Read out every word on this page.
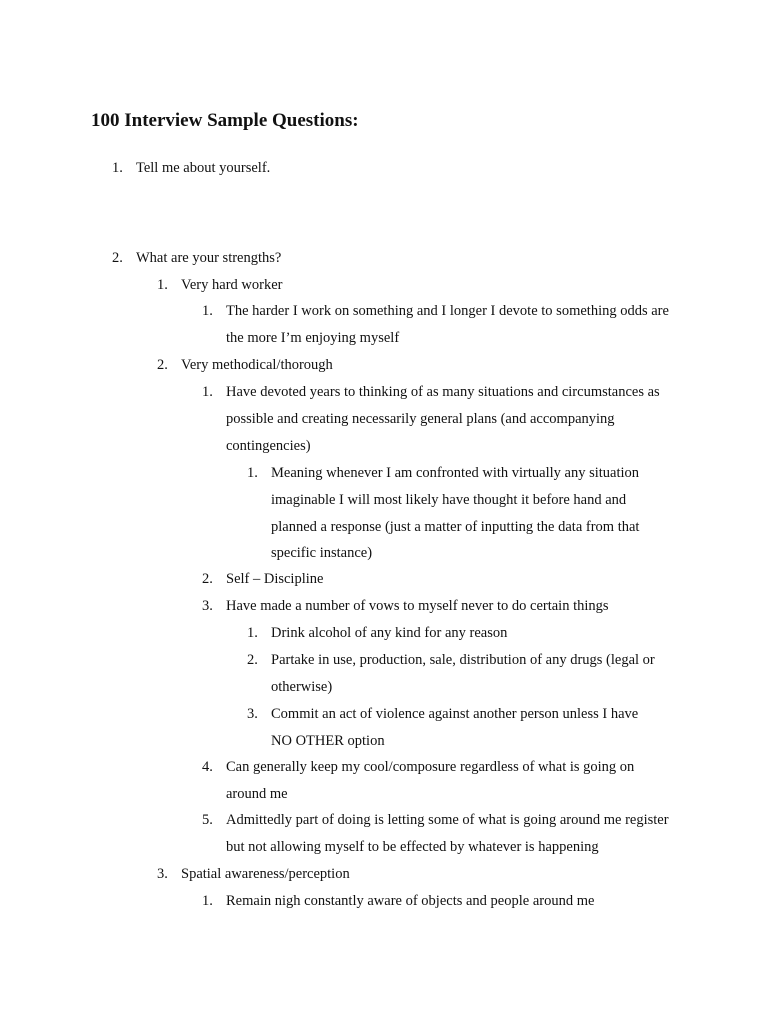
100 Interview Sample Questions:
1. Tell me about yourself.
2. What are your strengths?
1. Very hard worker
1. The harder I work on something and I longer I devote to something odds are the more I’m enjoying myself
2. Very methodical/thorough
1. Have devoted years to thinking of as many situations and circumstances as possible and creating necessarily general plans (and accompanying contingencies)
1. Meaning whenever I am confronted with virtually any situation imaginable I will most likely have thought it before hand and planned a response (just a matter of inputting the data from that specific instance)
2. Self – Discipline
3. Have made a number of vows to myself never to do certain things
1. Drink alcohol of any kind for any reason
2. Partake in use, production, sale, distribution of any drugs (legal or otherwise)
3. Commit an act of violence against another person unless I have NO OTHER option
4. Can generally keep my cool/composure regardless of what is going on around me
5. Admittedly part of doing is letting some of what is going around me register but not allowing myself to be effected by whatever is happening
3. Spatial awareness/perception
1. Remain nigh constantly aware of objects and people around me
